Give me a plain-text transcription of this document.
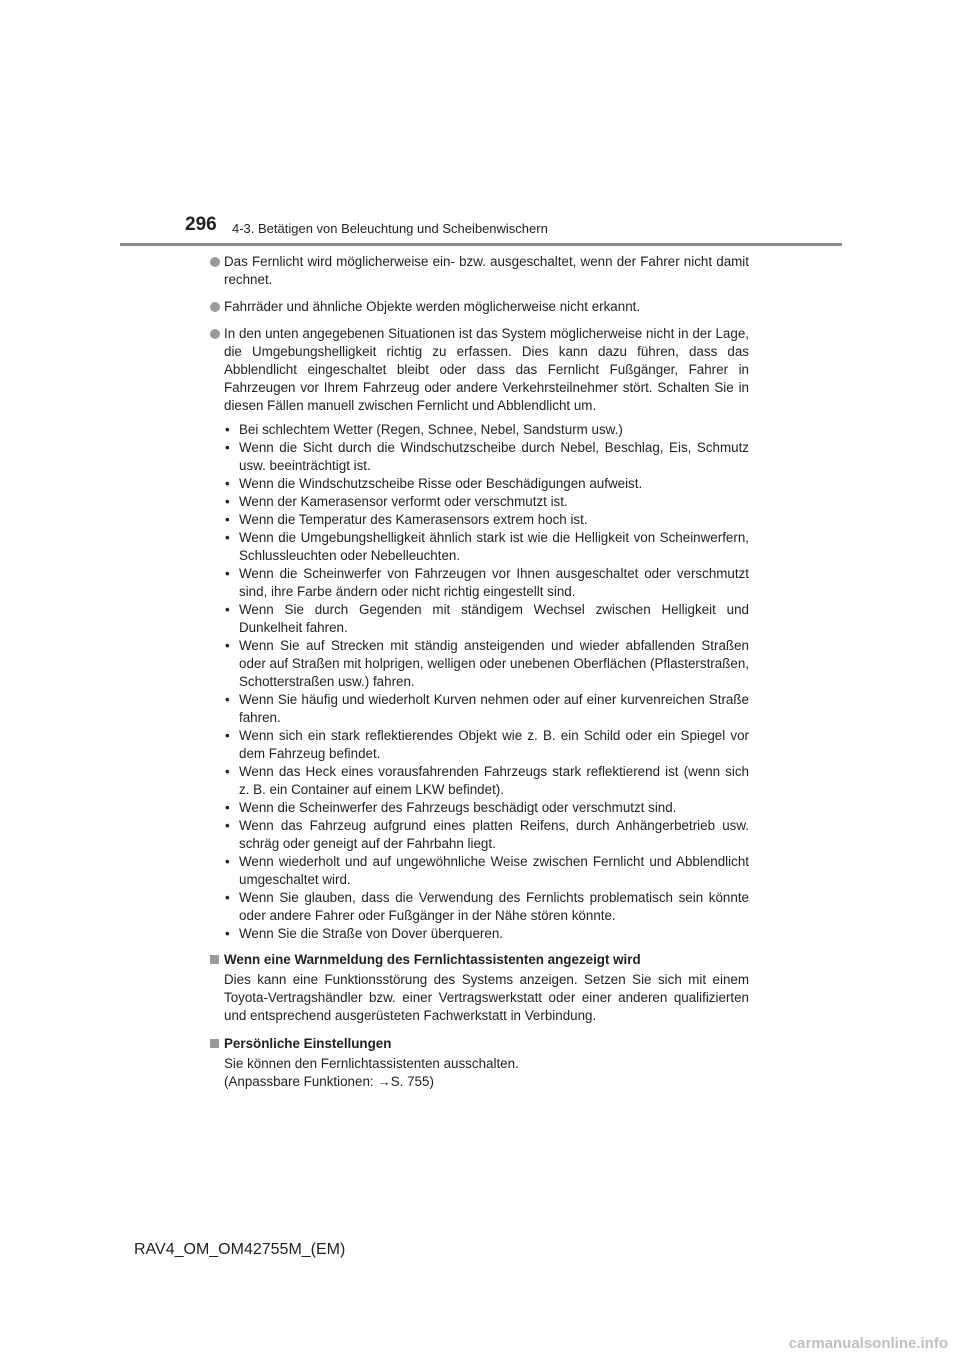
296 4-3. Betätigen von Beleuchtung und Scheibenwischern

Das Fernlicht wird möglicherweise ein- bzw. ausgeschaltet, wenn der Fahrer nicht damit rechnet.

Fahrräder und ähnliche Objekte werden möglicherweise nicht erkannt.

In den unten angegebenen Situationen ist das System möglicherweise nicht in der Lage, die Umgebungshelligkeit richtig zu erfassen. Dies kann dazu führen, dass das Abblendlicht eingeschaltet bleibt oder dass das Fernlicht Fußgänger, Fahrer in Fahrzeugen vor Ihrem Fahrzeug oder andere Verkehrsteilnehmer stört. Schalten Sie in diesen Fällen manuell zwischen Fernlicht und Abblendlicht um.

• Bei schlechtem Wetter (Regen, Schnee, Nebel, Sandsturm usw.)
• Wenn die Sicht durch die Windschutzscheibe durch Nebel, Beschlag, Eis, Schmutz usw. beeinträchtigt ist.
• Wenn die Windschutzscheibe Risse oder Beschädigungen aufweist.
• Wenn der Kamerasensor verformt oder verschmutzt ist.
• Wenn die Temperatur des Kamerasensors extrem hoch ist.
• Wenn die Umgebungshelligkeit ähnlich stark ist wie die Helligkeit von Scheinwerfern, Schlussleuchten oder Nebelleuchten.
• Wenn die Scheinwerfer von Fahrzeugen vor Ihnen ausgeschaltet oder verschmutzt sind, ihre Farbe ändern oder nicht richtig eingestellt sind.
• Wenn Sie durch Gegenden mit ständigem Wechsel zwischen Helligkeit und Dunkelheit fahren.
• Wenn Sie auf Strecken mit ständig ansteigenden und wieder abfallenden Straßen oder auf Straßen mit holprigen, welligen oder unebenen Oberflächen (Pflasterstraßen, Schotterstraßen usw.) fahren.
• Wenn Sie häufig und wiederholt Kurven nehmen oder auf einer kurvenreichen Straße fahren.
• Wenn sich ein stark reflektierendes Objekt wie z. B. ein Schild oder ein Spiegel vor dem Fahrzeug befindet.
• Wenn das Heck eines vorausfahrenden Fahrzeugs stark reflektierend ist (wenn sich z. B. ein Container auf einem LKW befindet).
• Wenn die Scheinwerfer des Fahrzeugs beschädigt oder verschmutzt sind.
• Wenn das Fahrzeug aufgrund eines platten Reifens, durch Anhängerbetrieb usw. schräg oder geneigt auf der Fahrbahn liegt.
• Wenn wiederholt und auf ungewöhnliche Weise zwischen Fernlicht und Abblendlicht umgeschaltet wird.
• Wenn Sie glauben, dass die Verwendung des Fernlichts problematisch sein könnte oder andere Fahrer oder Fußgänger in der Nähe stören könnte.
• Wenn Sie die Straße von Dover überqueren.
Wenn eine Warnmeldung des Fernlichtassistenten angezeigt wird

Dies kann eine Funktionsstörung des Systems anzeigen. Setzen Sie sich mit einem Toyota-Vertragshändler bzw. einer Vertragswerkstatt oder einer anderen qualifizierten und entsprechend ausgerüsteten Fachwerkstatt in Verbindung.

Persönliche Einstellungen

Sie können den Fernlichtassistenten ausschalten.

(Anpassbare Funktionen: →S. 755)

RAV4_OM_OM42755M_(EM)
carmanualsonline.info
